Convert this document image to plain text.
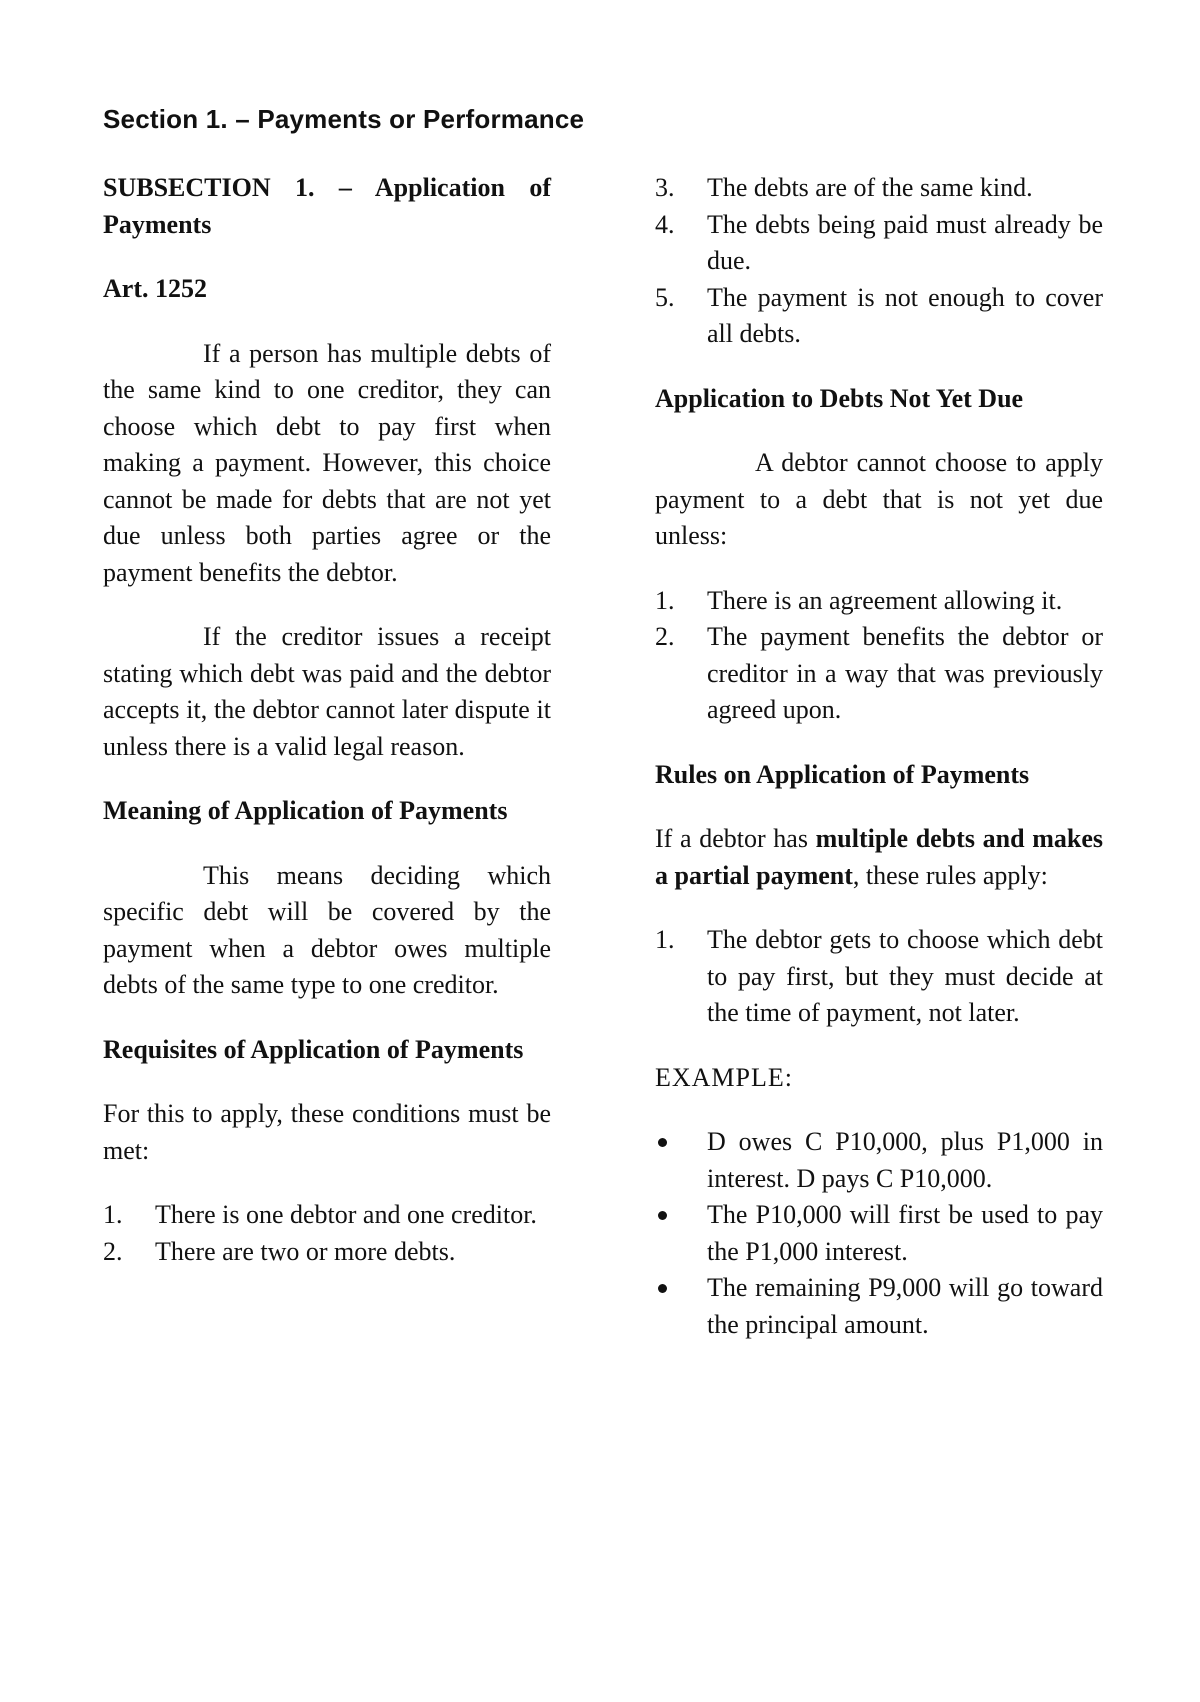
Section 1. – Payments or Performance
SUBSECTION 1. – Application of Payments
Art. 1252

If a person has multiple debts of the same kind to one creditor, they can choose which debt to pay first when making a payment. However, this choice cannot be made for debts that are not yet due unless both parties agree or the payment benefits the debtor.

If the creditor issues a receipt stating which debt was paid and the debtor accepts it, the debtor cannot later dispute it unless there is a valid legal reason.

Meaning of Application of Payments

This means deciding which specific debt will be covered by the payment when a debtor owes multiple debts of the same type to one creditor.

Requisites of Application of Payments

For this to apply, these conditions must be met:

1. There is one debtor and one creditor.
2. There are two or more debts.
3. The debts are of the same kind.
4. The debts being paid must already be due.
5. The payment is not enough to cover all debts.
Application to Debts Not Yet Due

A debtor cannot choose to apply payment to a debt that is not yet due unless:

1. There is an agreement allowing it.
2. The payment benefits the debtor or creditor in a way that was previously agreed upon.
Rules on Application of Payments

If a debtor has multiple debts and makes a partial payment, these rules apply:

1. The debtor gets to choose which debt to pay first, but they must decide at the time of payment, not later.

EXAMPLE:

D owes C P10,000, plus P1,000 in interest. D pays C P10,000.
The P10,000 will first be used to pay the P1,000 interest.
The remaining P9,000 will go toward the principal amount.
